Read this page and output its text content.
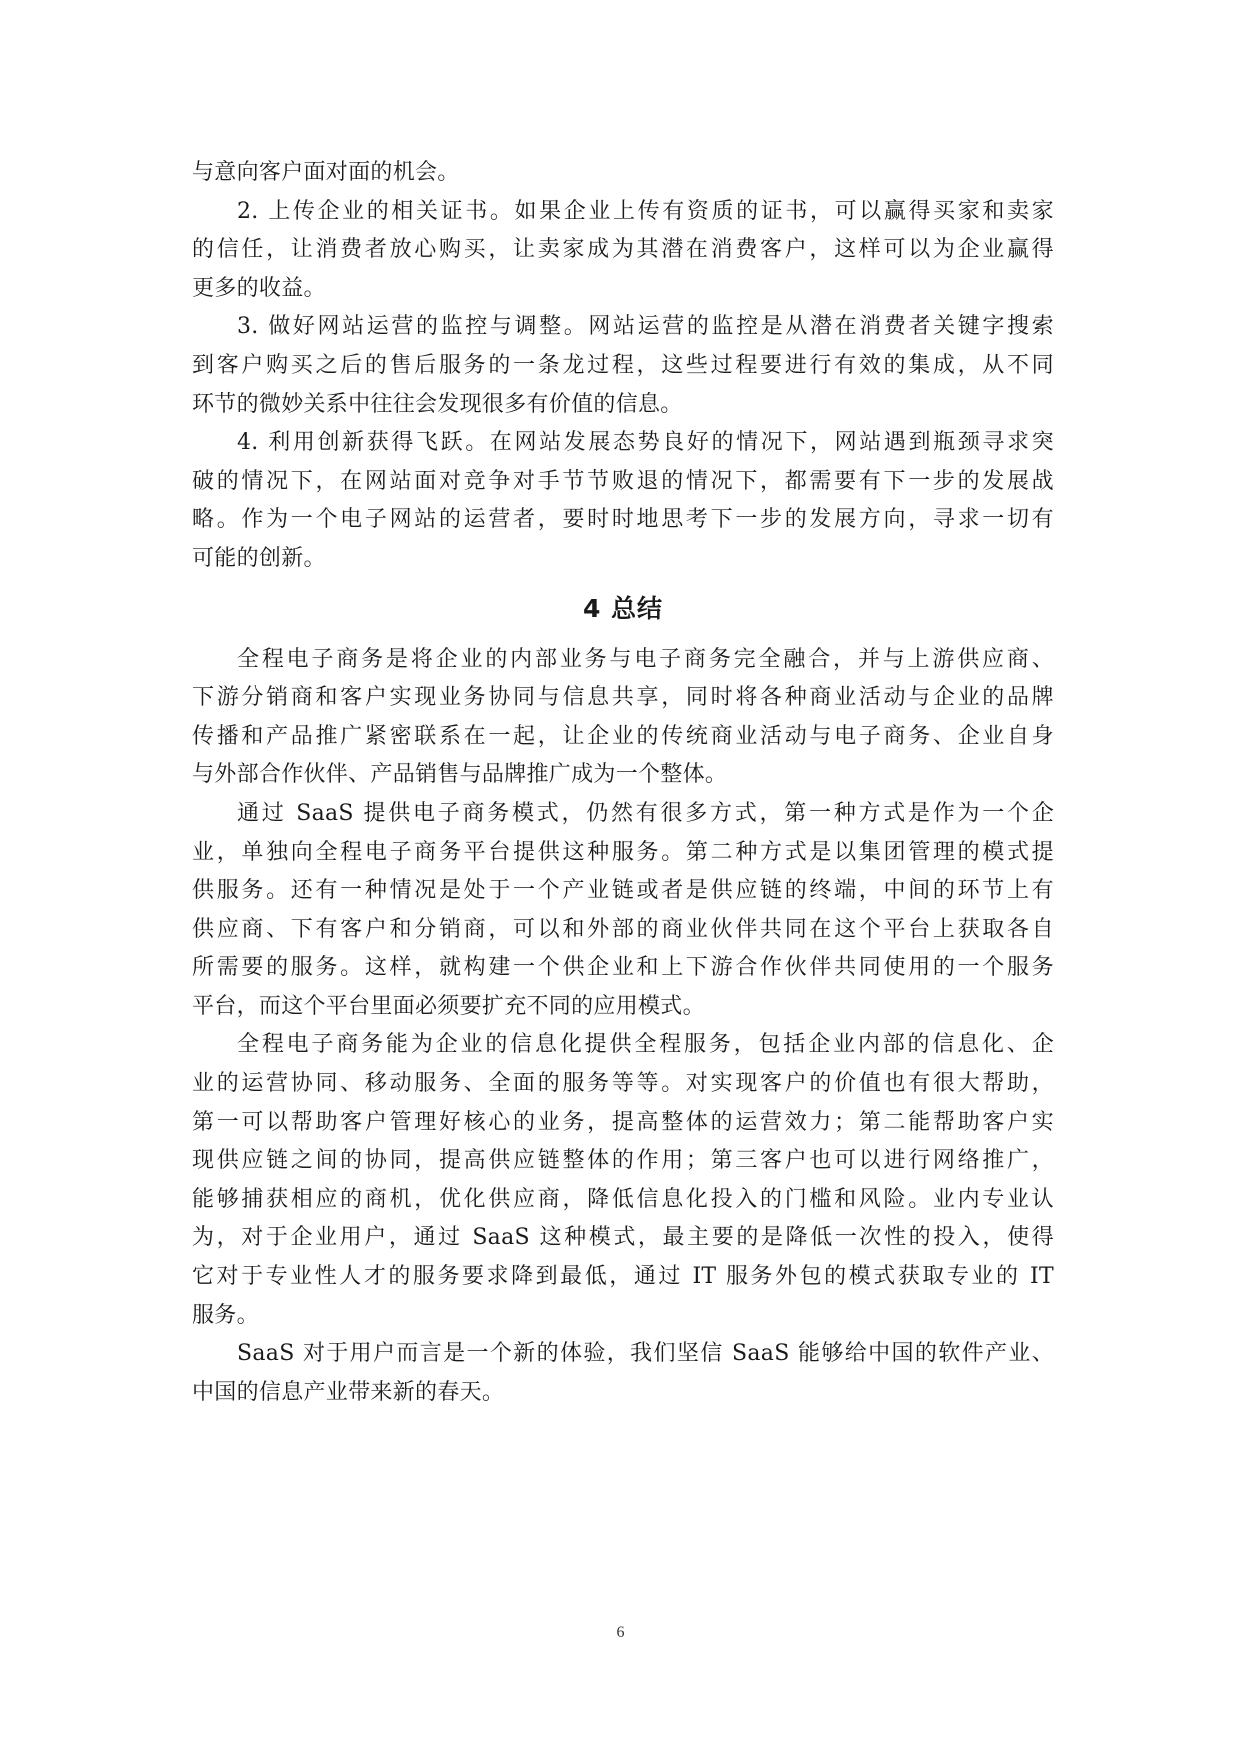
与意向客户面对面的机会。
2. 上传企业的相关证书。如果企业上传有资质的证书，可以赢得买家和卖家
的信任，让消费者放心购买，让卖家成为其潜在消费客户，这样可以为企业赢得
更多的收益。
3. 做好网站运营的监控与调整。网站运营的监控是从潜在消费者关键字搜索
到客户购买之后的售后服务的一条龙过程，这些过程要进行有效的集成，从不同
环节的微妙关系中往往会发现很多有价值的信息。
4. 利用创新获得飞跃。在网站发展态势良好的情况下，网站遇到瓶颈寻求突
破的情况下，在网站面对竞争对手节节败退的情况下，都需要有下一步的发展战
略。作为一个电子网站的运营者，要时时地思考下一步的发展方向，寻求一切有
可能的创新。
4 总结
全程电子商务是将企业的内部业务与电子商务完全融合，并与上游供应商、
下游分销商和客户实现业务协同与信息共享，同时将各种商业活动与企业的品牌
传播和产品推广紧密联系在一起，让企业的传统商业活动与电子商务、企业自身
与外部合作伙伴、产品销售与品牌推广成为一个整体。
通过 SaaS 提供电子商务模式，仍然有很多方式，第一种方式是作为一个企
业，单独向全程电子商务平台提供这种服务。第二种方式是以集团管理的模式提
供服务。还有一种情况是处于一个产业链或者是供应链的终端，中间的环节上有
供应商、下有客户和分销商，可以和外部的商业伙伴共同在这个平台上获取各自
所需要的服务。这样，就构建一个供企业和上下游合作伙伴共同使用的一个服务
平台，而这个平台里面必须要扩充不同的应用模式。
全程电子商务能为企业的信息化提供全程服务，包括企业内部的信息化、企
业的运营协同、移动服务、全面的服务等等。对实现客户的价值也有很大帮助，
第一可以帮助客户管理好核心的业务，提高整体的运营效力；第二能帮助客户实
现供应链之间的协同，提高供应链整体的作用；第三客户也可以进行网络推广，
能够捕获相应的商机，优化供应商，降低信息化投入的门槛和风险。业内专业认
为，对于企业用户，通过 SaaS 这种模式，最主要的是降低一次性的投入，使得
它对于专业性人才的服务要求降到最低，通过 IT 服务外包的模式获取专业的 IT
服务。
SaaS 对于用户而言是一个新的体验，我们坚信 SaaS 能够给中国的软件产业、
中国的信息产业带来新的春天。
6
